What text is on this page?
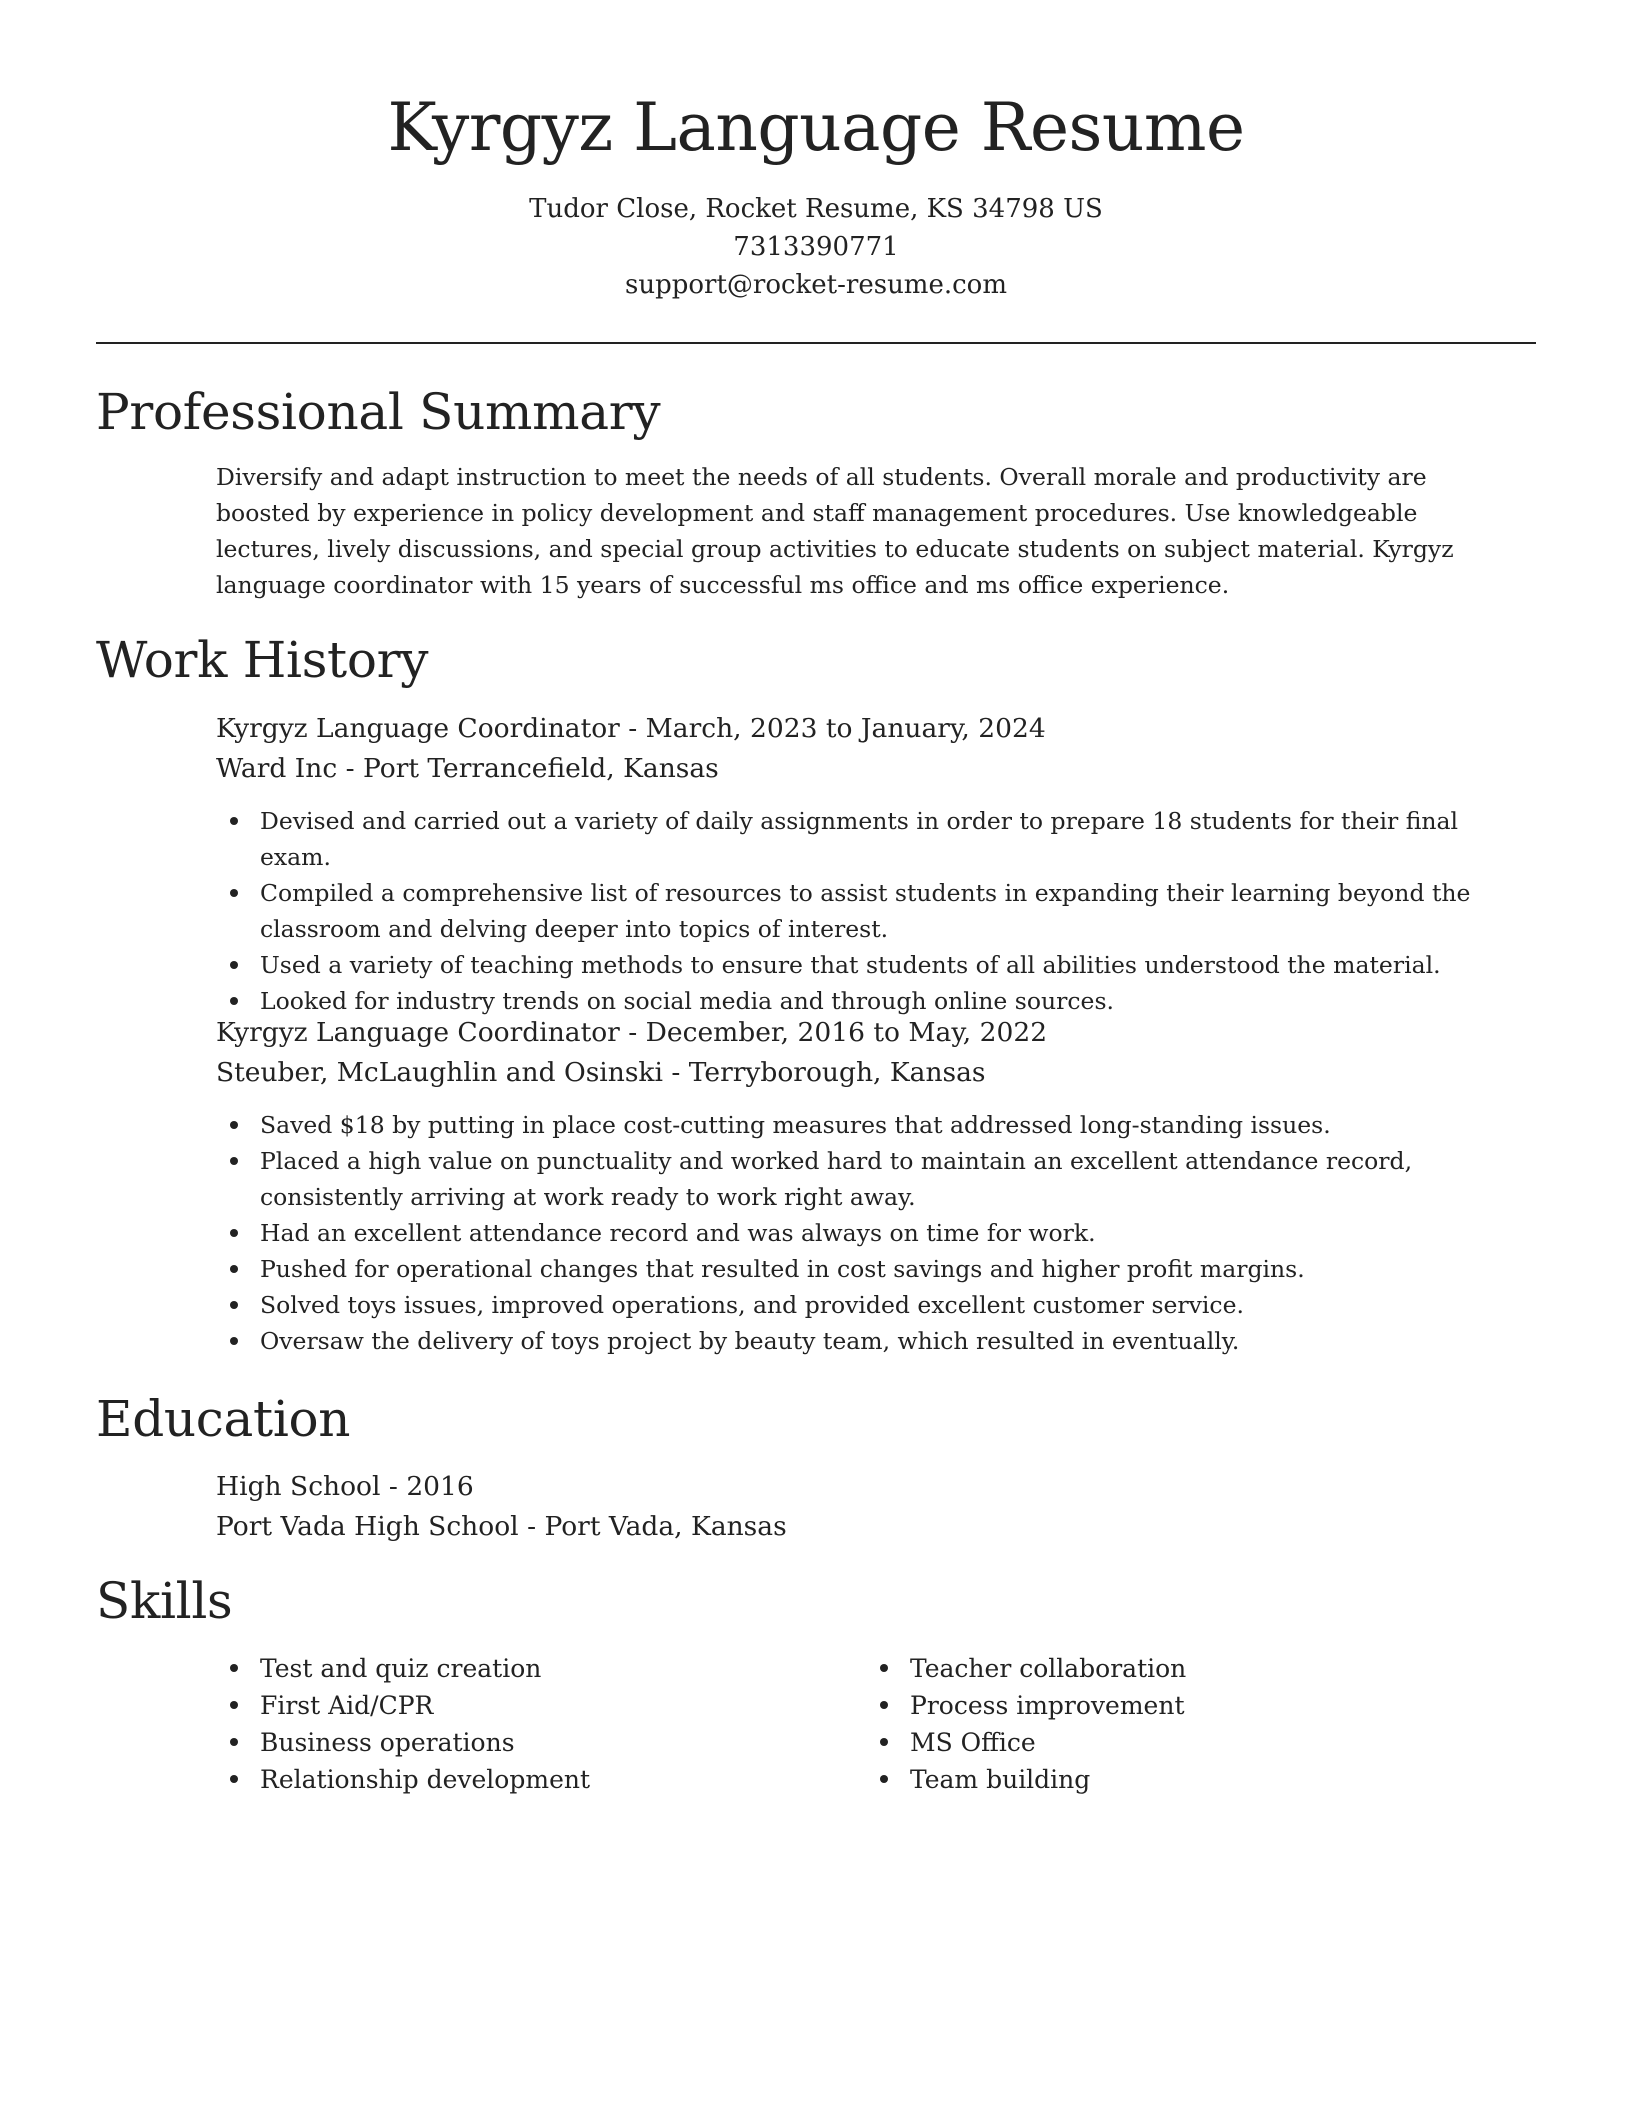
Kyrgyz Language Resume
Tudor Close, Rocket Resume, KS 34798 US
7313390771
support@rocket-resume.com
Professional Summary
Diversify and adapt instruction to meet the needs of all students. Overall morale and productivity are boosted by experience in policy development and staff management procedures. Use knowledgeable lectures, lively discussions, and special group activities to educate students on subject material. Kyrgyz language coordinator with 15 years of successful ms office and ms office experience.
Work History
Kyrgyz Language Coordinator - March, 2023 to January, 2024
Ward Inc - Port Terrancefield, Kansas
Devised and carried out a variety of daily assignments in order to prepare 18 students for their final exam.
Compiled a comprehensive list of resources to assist students in expanding their learning beyond the classroom and delving deeper into topics of interest.
Used a variety of teaching methods to ensure that students of all abilities understood the material.
Looked for industry trends on social media and through online sources.
Kyrgyz Language Coordinator - December, 2016 to May, 2022
Steuber, McLaughlin and Osinski - Terryborough, Kansas
Saved $18 by putting in place cost-cutting measures that addressed long-standing issues.
Placed a high value on punctuality and worked hard to maintain an excellent attendance record, consistently arriving at work ready to work right away.
Had an excellent attendance record and was always on time for work.
Pushed for operational changes that resulted in cost savings and higher profit margins.
Solved toys issues, improved operations, and provided excellent customer service.
Oversaw the delivery of toys project by beauty team, which resulted in eventually.
Education
High School - 2016
Port Vada High School - Port Vada, Kansas
Skills
Test and quiz creation
First Aid/CPR
Business operations
Relationship development
Teacher collaboration
Process improvement
MS Office
Team building
